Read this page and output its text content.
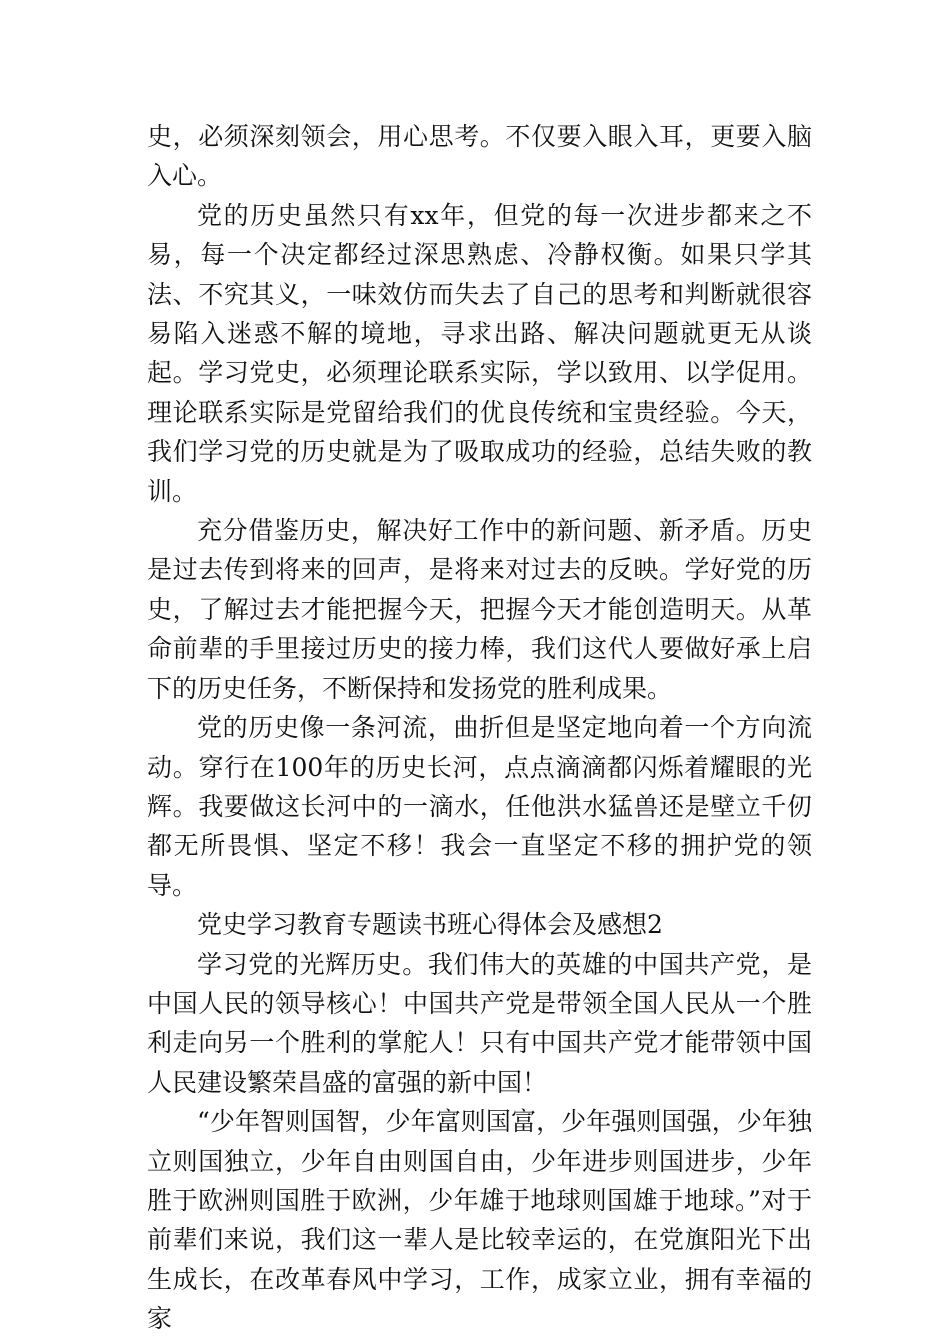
史，必须深刻领会，用心思考。不仅要入眼入耳，更要入脑入心。

党的历史虽然只有xx年，但党的每一次进步都来之不易，每一个决定都经过深思熟虑、冷静权衡。如果只学其法、不究其义，一味效仿而失去了自己的思考和判断就很容易陷入迷惑不解的境地，寻求出路、解决问题就更无从谈起。学习党史，必须理论联系实际，学以致用、以学促用。理论联系实际是党留给我们的优良传统和宝贵经验。今天，我们学习党的历史就是为了吸取成功的经验，总结失败的教训。

充分借鉴历史，解决好工作中的新问题、新矛盾。历史是过去传到将来的回声，是将来对过去的反映。学好党的历史，了解过去才能把握今天，把握今天才能创造明天。从革命前辈的手里接过历史的接力棒，我们这代人要做好承上启下的历史任务，不断保持和发扬党的胜利成果。

党的历史像一条河流，曲折但是坚定地向着一个方向流动。穿行在100年的历史长河，点点滴滴都闪烁着耀眼的光辉。我要做这长河中的一滴水，任他洪水猛兽还是壁立千仞都无所畏惧、坚定不移！我会一直坚定不移的拥护党的领导。

党史学习教育专题读书班心得体会及感想2

学习党的光辉历史。我们伟大的英雄的中国共产党，是中国人民的领导核心！中国共产党是带领全国人民从一个胜利走向另一个胜利的掌舵人！只有中国共产党才能带领中国人民建设繁荣昌盛的富强的新中国！

“少年智则国智，少年富则国富，少年强则国强，少年独立则国独立，少年自由则国自由，少年进步则国进步，少年胜于欧洲则国胜于欧洲，少年雄于地球则国雄于地球。”对于前辈们来说，我们这一辈人是比较幸运的，在党旗阳光下出生成长，在改革春风中学习，工作，成家立业，拥有幸福的家
